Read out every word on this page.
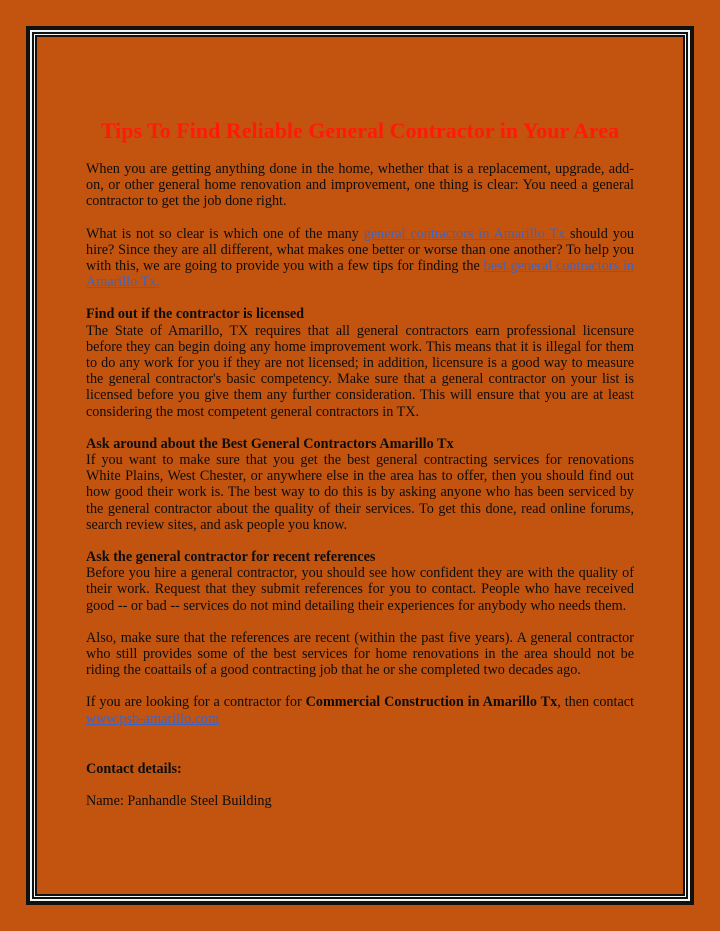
Tips To Find Reliable General Contractor in Your Area

When you are getting anything done in the home, whether that is a replacement, upgrade, add-on, or other general home renovation and improvement, one thing is clear: You need a general contractor to get the job done right.

What is not so clear is which one of the many general contractors in Amarillo Tx should you hire? Since they are all different, what makes one better or worse than one another? To help you with this, we are going to provide you with a few tips for finding the best general contractors in Amarillo Tx.

Find out if the contractor is licensed
The State of Amarillo, TX requires that all general contractors earn professional licensure before they can begin doing any home improvement work. This means that it is illegal for them to do any work for you if they are not licensed; in addition, licensure is a good way to measure the general contractor's basic competency. Make sure that a general contractor on your list is licensed before you give them any further consideration. This will ensure that you are at least considering the most competent general contractors in TX.

Ask around about the Best General Contractors Amarillo Tx
If you want to make sure that you get the best general contracting services for renovations White Plains, West Chester, or anywhere else in the area has to offer, then you should find out how good their work is. The best way to do this is by asking anyone who has been serviced by the general contractor about the quality of their services. To get this done, read online forums, search review sites, and ask people you know.

Ask the general contractor for recent references
Before you hire a general contractor, you should see how confident they are with the quality of their work. Request that they submit references for you to contact. People who have received good -- or bad -- services do not mind detailing their experiences for anybody who needs them.

Also, make sure that the references are recent (within the past five years). A general contractor who still provides some of the best services for home renovations in the area should not be riding the coattails of a good contracting job that he or she completed two decades ago.

If you are looking for a contractor for Commercial Construction in Amarillo Tx, then contact www.psb-amarillo.com

Contact details:

Name: Panhandle Steel Building
